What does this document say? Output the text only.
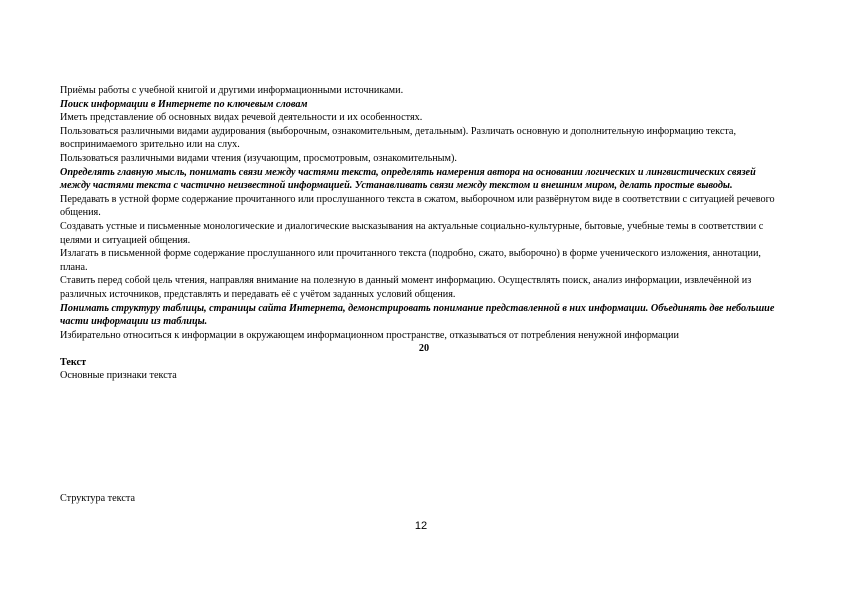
Приёмы работы с учебной книгой и другими информационными источниками.
Поиск информации в Интернете по ключевым словам
Иметь представление об основных видах речевой деятельности и их особенностях.
Пользоваться различными видами аудирования (выборочным, ознакомительным, детальным). Различать основную и дополнительную информацию текста, воспринимаемого зрительно или на слух.
Пользоваться различными видами чтения (изучающим, просмотровым, ознакомительным).
Определять главную мысль, понимать связи между частями текста, определять намерения автора на основании логических и лингвистических связей между частями текста с частично неизвестной информацией. Устанавливать связи между текстом и внешним миром, делать простые выводы.
Передавать в устной форме содержание прочитанного или прослушанного текста в сжатом, выборочном или развёрнутом виде в соответствии с ситуацией речевого общения.
Создавать устные и письменные монологические и диалогические высказывания на актуальные социально-культурные, бытовые, учебные темы в соответствии с целями и ситуацией общения.
Излагать в письменной форме содержание прослушанного или прочитанного текста (подробно, сжато, выборочно) в форме ученического изложения, аннотации, плана.
Ставить перед собой цель чтения, направляя внимание на полезную в данный момент информацию. Осуществлять поиск, анализ информации, извлечённой из различных источников, представлять и передавать её с учётом заданных условий общения.
Понимать структуру таблицы, страницы сайта Интернета, демонстрировать понимание представленной в них информации. Объединять две небольшие части информации из таблицы.
Избирательно относиться к информации в окружающем информационном пространстве, отказываться от потребления ненужной информации
20
Текст
Основные признаки текста
Структура текста
12
